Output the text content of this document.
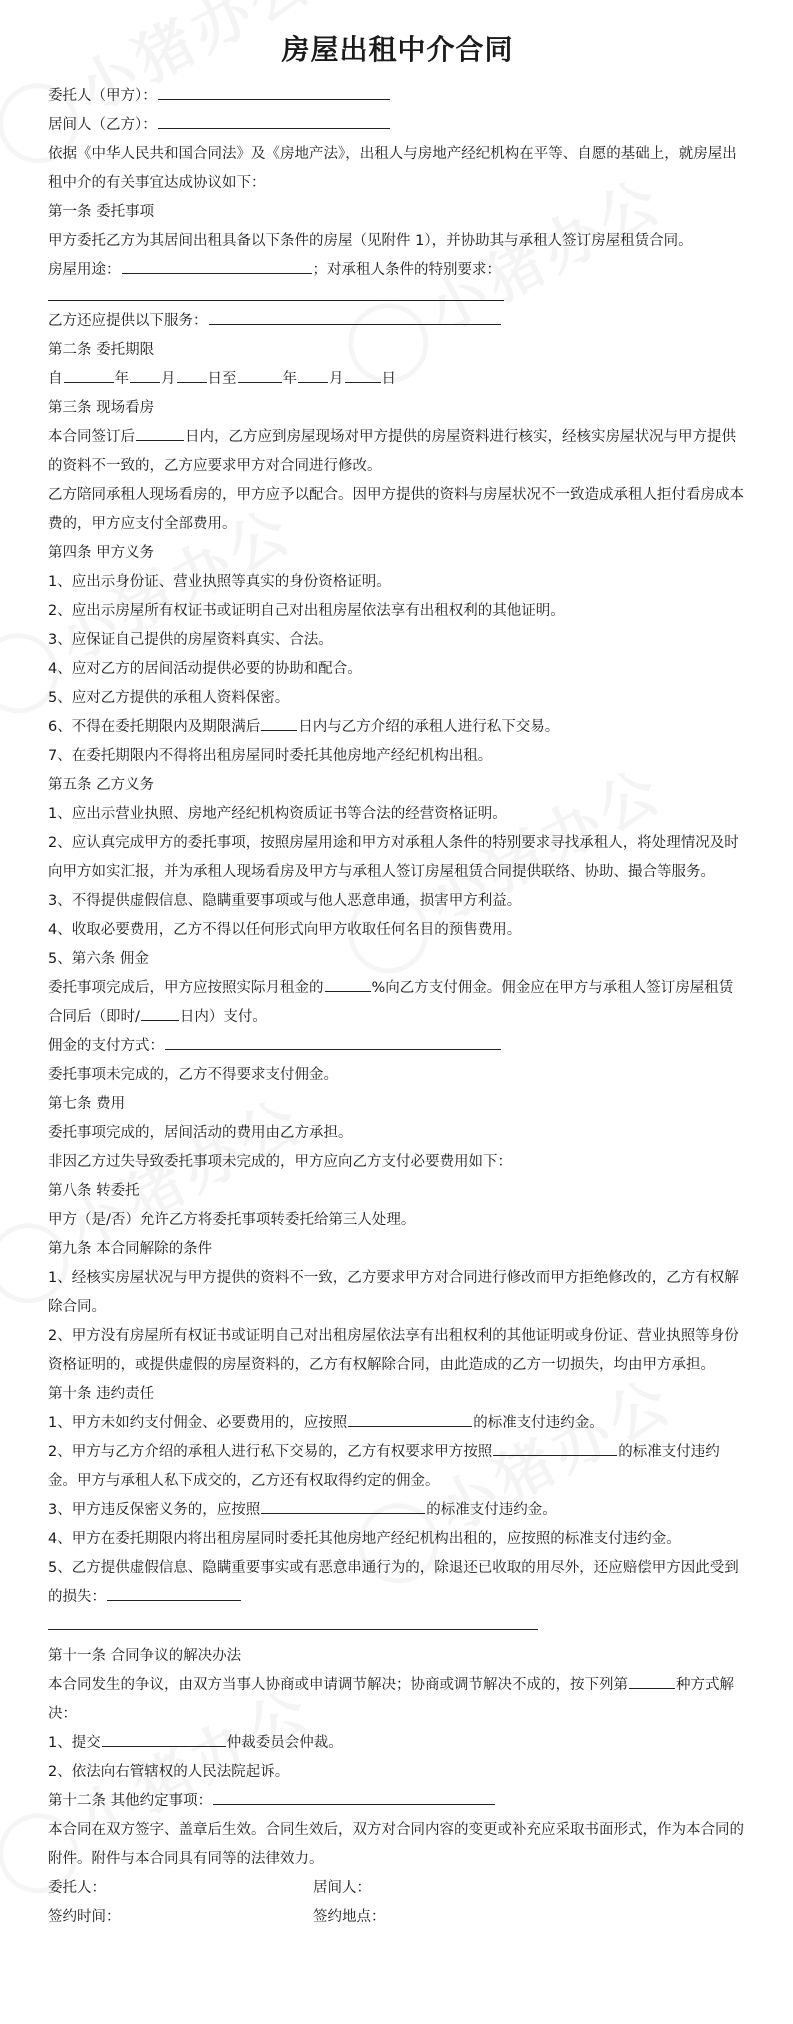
房屋出租中介合同

委托人（甲方）：

居间人（乙方）：

依据《中华人民共和国合同法》及《房地产法》，出租人与房地产经纪机构在平等、自愿的基础上，就房屋出租中介的有关事宜达成协议如下：

第一条 委托事项

甲方委托乙方为其居间出租具备以下条件的房屋（见附件 1），并协助其与承租人签订房屋租赁合同。

房屋用途：	；对承租人条件的特别要求：

乙方还应提供以下服务：

第二条 委托期限

自	年 月 日至	年 月	日

第三条 现场看房

本合同签订后	日内，乙方应到房屋现场对甲方提供的房屋资料进行核实，经核实房屋状况与甲方提供的资料不一致的，乙方应要求甲方对合同进行修改。

乙方陪同承租人现场看房的，甲方应予以配合。因甲方提供的资料与房屋状况不一致造成承租人拒付看房成本费的，甲方应支付全部费用。

第四条 甲方义务

1、应出示身份证、营业执照等真实的身份资格证明。

2、应出示房屋所有权证书或证明自己对出租房屋依法享有出租权利的其他证明。

3、应保证自己提供的房屋资料真实、合法。

4、应对乙方的居间活动提供必要的协助和配合。

5、应对乙方提供的承租人资料保密。

6、不得在委托期限内及期限满后	日内与乙方介绍的承租人进行私下交易。

7、在委托期限内不得将出租房屋同时委托其他房地产经纪机构出租。

第五条 乙方义务

1、应出示营业执照、房地产经纪机构资质证书等合法的经营资格证明。

2、应认真完成甲方的委托事项，按照房屋用途和甲方对承租人条件的特别要求寻找承租人，将处理情况及时向甲方如实汇报，并为承租人现场看房及甲方与承租人签订房屋租赁合同提供联络、协助、撮合等服务。

3、不得提供虚假信息、隐瞒重要事项或与他人恶意串通，损害甲方利益。

4、收取必要费用，乙方不得以任何形式向甲方收取任何名目的预售费用。

5、第六条 佣金

委托事项完成后，甲方应按照实际月租金的	%向乙方支付佣金。佣金应在甲方与承租人签订房屋租赁合同后（即时/	日内）支付。

佣金的支付方式：

委托事项未完成的，乙方不得要求支付佣金。

第七条 费用

委托事项完成的，居间活动的费用由乙方承担。

非因乙方过失导致委托事项未完成的，甲方应向乙方支付必要费用如下：

第八条 转委托

甲方（是/否）允许乙方将委托事项转委托给第三人处理。

第九条 本合同解除的条件

1、经核实房屋状况与甲方提供的资料不一致，乙方要求甲方对合同进行修改而甲方拒绝修改的，乙方有权解除合同。

2、甲方没有房屋所有权证书或证明自己对出租房屋依法享有出租权利的其他证明或身份证、营业执照等身份资格证明的，或提供虚假的房屋资料的，乙方有权解除合同，由此造成的乙方一切损失，均由甲方承担。

第十条 违约责任

1、甲方未如约支付佣金、必要费用的，应按照	的标准支付违约金。

2、甲方与乙方介绍的承租人进行私下交易的，乙方有权要求甲方按照	的标准支付违约金。甲方与承租人私下成交的，乙方还有权取得约定的佣金。

3、甲方违反保密义务的，应按照	的标准支付违约金。

4、甲方在委托期限内将出租房屋同时委托其他房地产经纪机构出租的，应按照的标准支付违约金。

5、乙方提供虚假信息、隐瞒重要事实或有恶意串通行为的，除退还已收取的用尽外，还应赔偿甲方因此受到的损失：

第十一条 合同争议的解决办法

本合同发生的争议，由双方当事人协商或申请调节解决；协商或调节解决不成的，按下列第	种方式解决：

1、提交	仲裁委员会仲裁。

2、依法向右管辖权的人民法院起诉。

第十二条 其他约定事项：

本合同在双方签字、盖章后生效。合同生效后，双方对合同内容的变更或补充应采取书面形式，作为本合同的附件。附件与本合同具有同等的法律效力。

委托人：	居间人：

签约时间：	签约地点：
